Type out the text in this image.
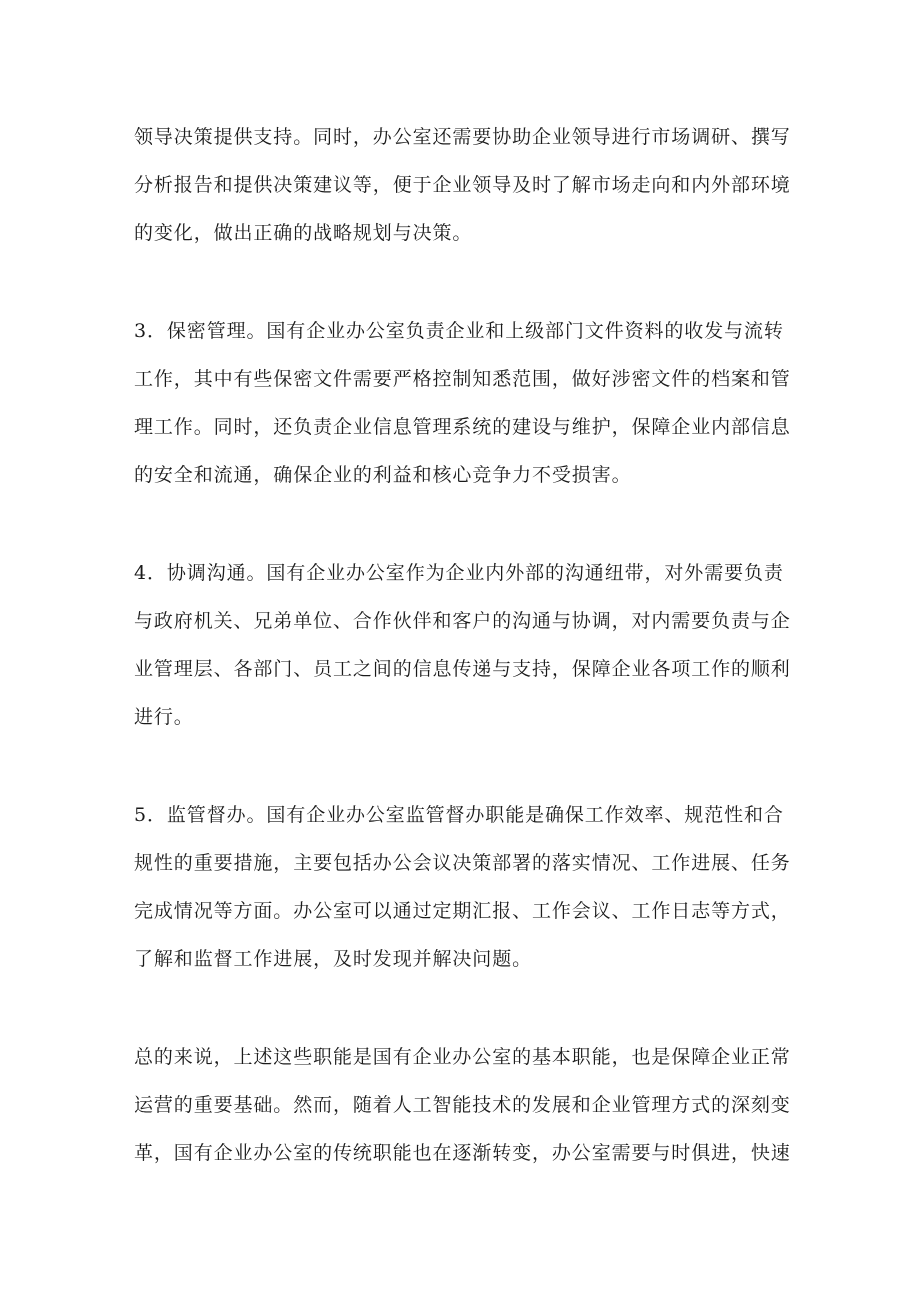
领导决策提供支持。同时，办公室还需要协助企业领导进行市场调研、撰写
分析报告和提供决策建议等，便于企业领导及时了解市场走向和内外部环境
的变化，做出正确的战略规划与决策。

3．保密管理。国有企业办公室负责企业和上级部门文件资料的收发与流转
工作，其中有些保密文件需要严格控制知悉范围，做好涉密文件的档案和管
理工作。同时，还负责企业信息管理系统的建设与维护，保障企业内部信息
的安全和流通，确保企业的利益和核心竞争力不受损害。

4．协调沟通。国有企业办公室作为企业内外部的沟通纽带，对外需要负责
与政府机关、兄弟单位、合作伙伴和客户的沟通与协调，对内需要负责与企
业管理层、各部门、员工之间的信息传递与支持，保障企业各项工作的顺利
进行。

5．监管督办。国有企业办公室监管督办职能是确保工作效率、规范性和合
规性的重要措施，主要包括办公会议决策部署的落实情况、工作进展、任务
完成情况等方面。办公室可以通过定期汇报、工作会议、工作日志等方式，
了解和监督工作进展，及时发现并解决问题。

总的来说，上述这些职能是国有企业办公室的基本职能，也是保障企业正常
运营的重要基础。然而，随着人工智能技术的发展和企业管理方式的深刻变
革，国有企业办公室的传统职能也在逐渐转变，办公室需要与时俱进，快速
